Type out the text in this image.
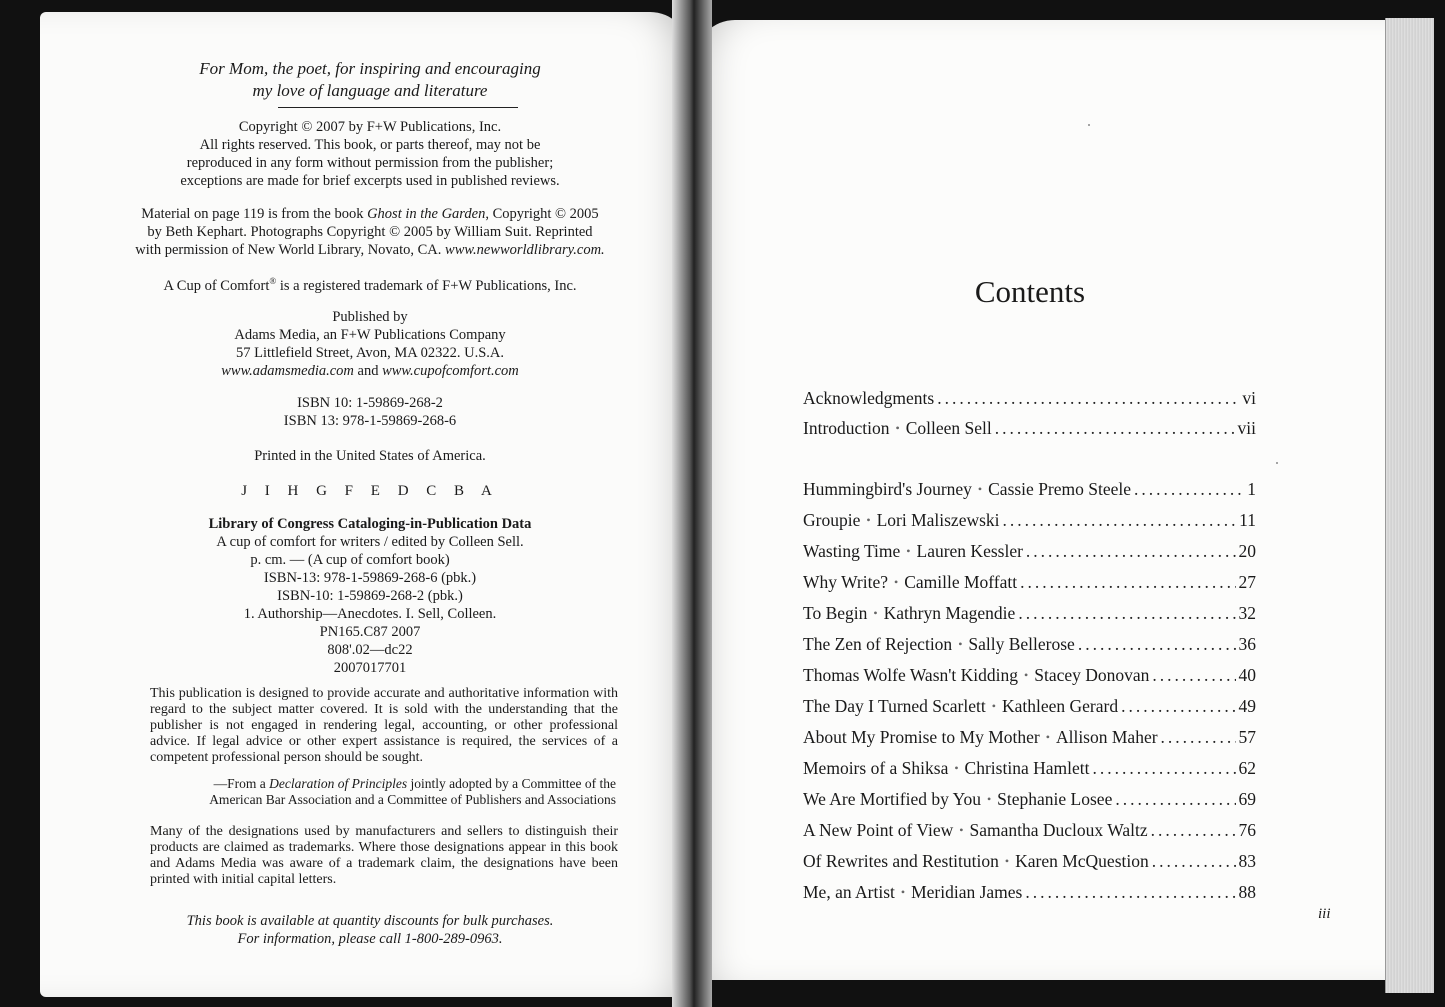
For Mom, the poet, for inspiring and encouraging
my love of language and literature
Copyright © 2007 by F+W Publications, Inc.
All rights reserved. This book, or parts thereof, may not be
reproduced in any form without permission from the publisher;
exceptions are made for brief excerpts used in published reviews.
Material on page 119 is from the book Ghost in the Garden, Copyright © 2005
by Beth Kephart. Photographs Copyright © 2005 by William Suit. Reprinted
with permission of New World Library, Novato, CA. www.newworldlibrary.com.
A Cup of Comfort® is a registered trademark of F+W Publications, Inc.
Published by
Adams Media, an F+W Publications Company
57 Littlefield Street, Avon, MA 02322. U.S.A.
www.adamsmedia.com and www.cupofcomfort.com
ISBN 10: 1-59869-268-2
ISBN 13: 978-1-59869-268-6
Printed in the United States of America.
J I H G F E D C B A
Library of Congress Cataloging-in-Publication Data
A cup of comfort for writers / edited by Colleen Sell.
p. cm. — (A cup of comfort book)
ISBN-13: 978-1-59869-268-6 (pbk.)
ISBN-10: 1-59869-268-2 (pbk.)
1. Authorship—Anecdotes. I. Sell, Colleen.
PN165.C87 2007
808'.02—dc22
2007017701
This publication is designed to provide accurate and authoritative information with regard to the subject matter covered. It is sold with the understanding that the publisher is not engaged in rendering legal, accounting, or other professional advice. If legal advice or other expert assistance is required, the services of a competent professional person should be sought.
—From a Declaration of Principles jointly adopted by a Committee of the
American Bar Association and a Committee of Publishers and Associations
Many of the designations used by manufacturers and sellers to distinguish their products are claimed as trademarks. Where those designations appear in this book and Adams Media was aware of a trademark claim, the designations have been printed with initial capital letters.
This book is available at quantity discounts for bulk purchases.
For information, please call 1-800-289-0963.
Contents
Acknowledgments .....	vi
Introduction • Colleen Sell .....	vii
Hummingbird's Journey • Cassie Premo Steele .....	1
Groupie • Lori Maliszewski .....	11
Wasting Time • Lauren Kessler .....	20
Why Write? • Camille Moffatt .....	27
To Begin • Kathryn Magendie .....	32
The Zen of Rejection • Sally Bellerose .....	36
Thomas Wolfe Wasn't Kidding • Stacey Donovan .....	40
The Day I Turned Scarlett • Kathleen Gerard .....	49
About My Promise to My Mother • Allison Maher .....	57
Memoirs of a Shiksa • Christina Hamlett .....	62
We Are Mortified by You • Stephanie Losee .....	69
A New Point of View • Samantha Ducloux Waltz .....	76
Of Rewrites and Restitution • Karen McQuestion .....	83
Me, an Artist • Meridian James .....	88
iii
